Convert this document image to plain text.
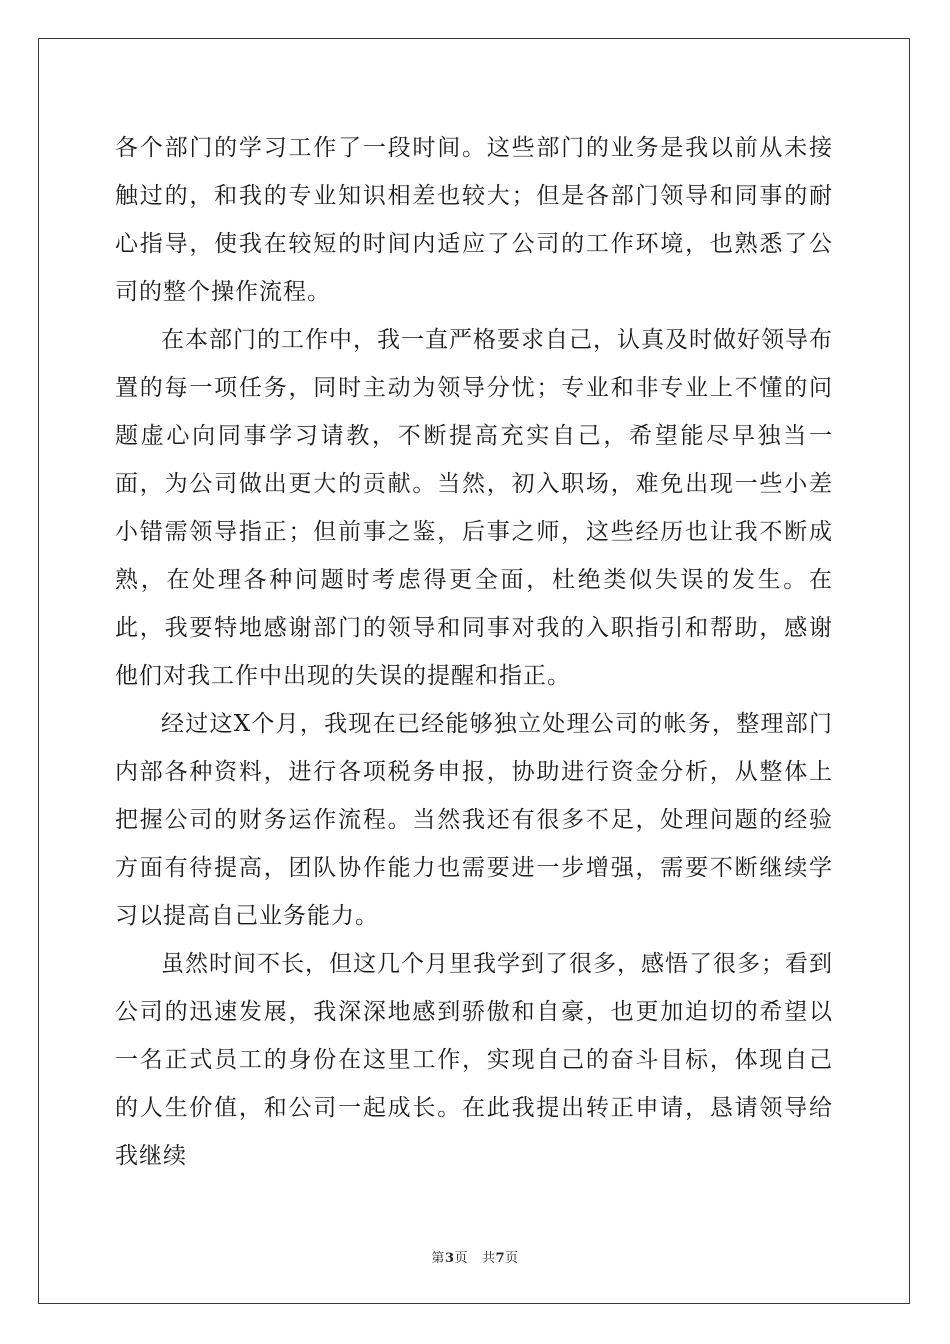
各个部门的学习工作了一段时间。这些部门的业务是我以前从未接触过的，和我的专业知识相差也较大；但是各部门领导和同事的耐心指导，使我在较短的时间内适应了公司的工作环境，也熟悉了公司的整个操作流程。

在本部门的工作中，我一直严格要求自己，认真及时做好领导布置的每一项任务，同时主动为领导分忧；专业和非专业上不懂的问题虚心向同事学习请教，不断提高充实自己，希望能尽早独当一面，为公司做出更大的贡献。当然，初入职场，难免出现一些小差小错需领导指正；但前事之鉴，后事之师，这些经历也让我不断成熟，在处理各种问题时考虑得更全面，杜绝类似失误的发生。在此，我要特地感谢部门的领导和同事对我的入职指引和帮助，感谢他们对我工作中出现的失误的提醒和指正。

经过这X个月，我现在已经能够独立处理公司的帐务，整理部门内部各种资料，进行各项税务申报，协助进行资金分析，从整体上把握公司的财务运作流程。当然我还有很多不足，处理问题的经验方面有待提高，团队协作能力也需要进一步增强，需要不断继续学习以提高自己业务能力。

虽然时间不长，但这几个月里我学到了很多，感悟了很多；看到公司的迅速发展，我深深地感到骄傲和自豪，也更加迫切的希望以一名正式员工的身份在这里工作，实现自己的奋斗目标，体现自己的人生价值，和公司一起成长。在此我提出转正申请，恳请领导给我继续

第3页 共7页
